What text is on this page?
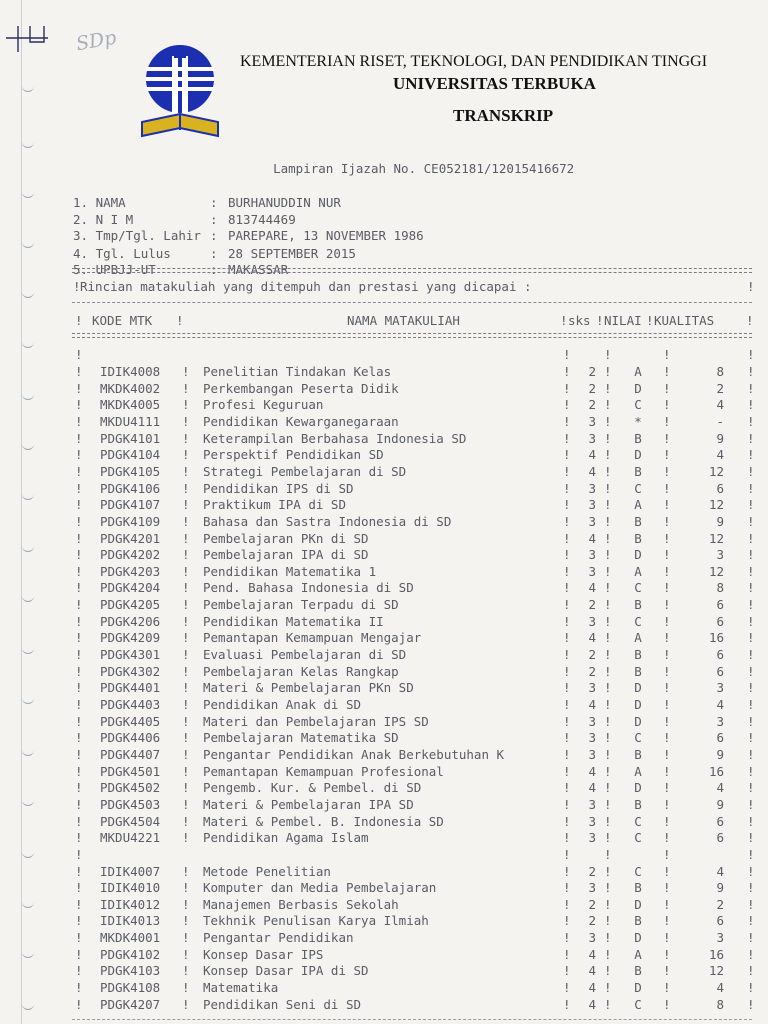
SDp
KEMENTERIAN RISET, TEKNOLOGI, DAN PENDIDIKAN TINGGI
UNIVERSITAS TERBUKA
TRANSKRIP

Lampiran Ijazah No. CE052181/12015416672

1. NAMA	: BURHANUDDIN NUR

2. N I M	: 813744469

3. Tmp/Tgl. Lahir : PAREPARE, 13 NOVEMBER 1986

4. Tgl. Lulus	: 28 SEPTEMBER 2015

5. UPBJJ-UT	: MAKASSAR

! Rincian matakuliah yang ditempuh dan prestasi yang dicapai :	!
! KODE MTK !	NAMA MATAKULIAH	! sks ! NILAI ! KUALITAS	!
!	!	!	!	!
!	!	!	!	!	!
IDIK4008	Penelitian Tindakan Kelas	2	A	8
!	!	!	!	!	!
MKDK4002	Perkembangan Peserta Didik	2	D	2
!	!	!	!	!	!
MKDK4005	Profesi Keguruan	2	C	4
!	!	!	!	!	!
MKDU4111	Pendidikan Kewarganegaraan	3	*	-
!	!	!	!	!	!
PDGK4101	Keterampilan Berbahasa Indonesia SD	3	B	9
!	!	!	!	!	!
PDGK4104	Perspektif Pendidikan SD	4	D	4
!	!	!	!	!	!
PDGK4105	Strategi Pembelajaran di SD	4	B	12
!	!	!	!	!	!
PDGK4106	Pendidikan IPS di SD	3	C	6
!	!	!	!	!	!
PDGK4107	Praktikum IPA di SD	3	A	12
!	!	!	!	!	!
PDGK4109	Bahasa dan Sastra Indonesia di SD	3	B	9
!	!	!	!	!	!
PDGK4201	Pembelajaran PKn di SD	4	B	12
!	!	!	!	!	!
PDGK4202	Pembelajaran IPA di SD	3	D	3
!	!	!	!	!	!
PDGK4203	Pendidikan Matematika 1	3	A	12
!	!	!	!	!	!
PDGK4204	Pend. Bahasa Indonesia di SD	4	C	8
!	!	!	!	!	!
PDGK4205	Pembelajaran Terpadu di SD	2	B	6
!	!	!	!	!	!
PDGK4206	Pendidikan Matematika II	3	C	6
!	!	!	!	!	!
PDGK4209	Pemantapan Kemampuan Mengajar	4	A	16
!	!	!	!	!	!
PDGK4301	Evaluasi Pembelajaran di SD	2	B	6
!	!	!	!	!	!
PDGK4302	Pembelajaran Kelas Rangkap	2	B	6
!	!	!	!	!	!
PDGK4401	Materi & Pembelajaran PKn SD	3	D	3
!	!	!	!	!	!
PDGK4403	Pendidikan Anak di SD	4	D	4
!	!	!	!	!	!
PDGK4405	Materi dan Pembelajaran IPS SD	3	D	3
!	!	!	!	!	!
PDGK4406	Pembelajaran Matematika SD	3	C	6
!	!	!	!	!	!
PDGK4407	Pengantar Pendidikan Anak Berkebutuhan K	3	B	9
!	!	!	!	!	!
PDGK4501	Pemantapan Kemampuan Profesional	4	A	16
!	!	!	!	!	!
PDGK4502	Pengemb. Kur. & Pembel. di SD	4	D	4
!	!	!	!	!	!
PDGK4503	Materi & Pembelajaran IPA SD	3	B	9
!	!	!	!	!	!
PDGK4504	Materi & Pembel. B. Indonesia SD	3	C	6
!	!	!	!	!	!
MKDU4221	Pendidikan Agama Islam	3	C	6
!	!	!	!	!
!	!	!	!	!	!
IDIK4007	Metode Penelitian	2	C	4
!	!	!	!	!	!
IDIK4010	Komputer dan Media Pembelajaran	3	B	9
!	!	!	!	!	!
IDIK4012	Manajemen Berbasis Sekolah	2	D	2
!	!	!	!	!	!
IDIK4013	Tekhnik Penulisan Karya Ilmiah	2	B	6
!	!	!	!	!	!
MKDK4001	Pengantar Pendidikan	3	D	3
!	!	!	!	!	!
PDGK4102	Konsep Dasar IPS	4	A	16
!	!	!	!	!	!
PDGK4103	Konsep Dasar IPA di SD	4	B	12
!	!	!	!	!	!
PDGK4108	Matematika	4	D	4
!	!	!	!	!	!
PDGK4207	Pendidikan Seni di SD	4	C	8
